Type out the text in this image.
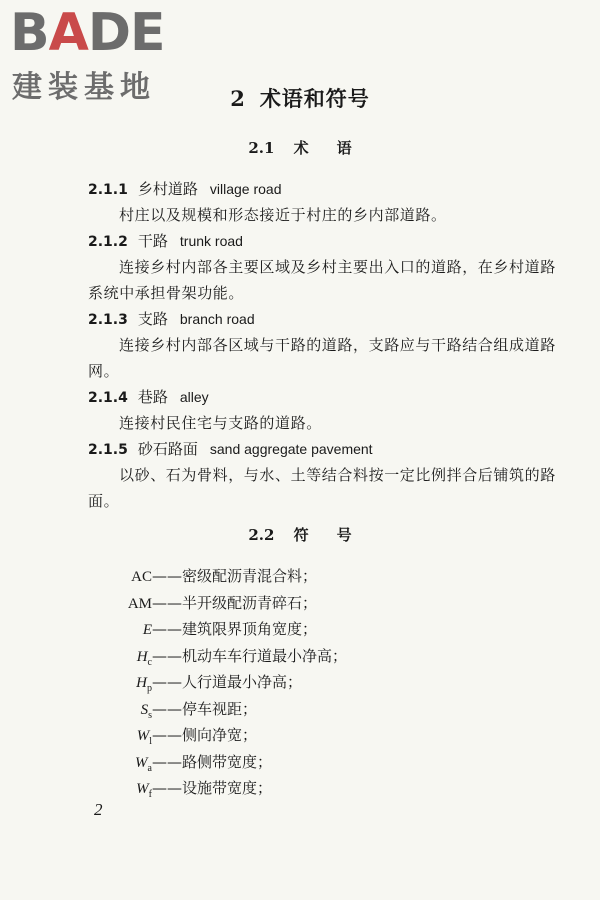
BADE
建装基地	2 术语和符号
2.1 术 语
2.1.1 乡村道路 village road
村庄以及规模和形态接近于村庄的乡内部道路。
2.1.2 干路 trunk road
连接乡村内部各主要区域及乡村主要出入口的道路，在乡村道路系统中承担骨架功能。
2.1.3 支路 branch road
连接乡村内部各区域与干路的道路，支路应与干路结合组成道路网。
2.1.4 巷路 alley
连接村民住宅与支路的道路。
2.1.5 砂石路面 sand aggregate pavement
以砂、石为骨料，与水、土等结合料按一定比例拌合后铺筑的路面。
2.2 符 号
AC——密级配沥青混合料；
AM——半开级配沥青碎石；
E——建筑限界顶角宽度；
$H_c——$机动车车行道最小净高；
$H_p——$人行道最小净高；
$S_s——$停车视距；
$W_l——$侧向净宽；
$W_a——$路侧带宽度；
$W_f——$设施带宽度；
2
